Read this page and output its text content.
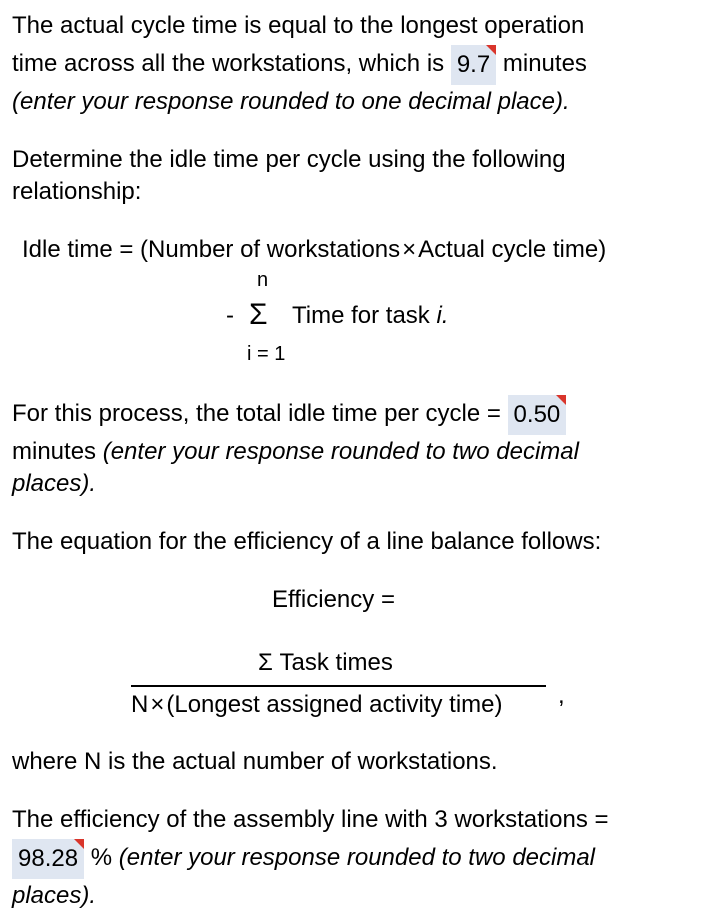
The actual cycle time is equal to the longest operation
time across all the workstations, which is 9.7 minutes
(enter your response rounded to one decimal place).
Determine the idle time per cycle using the following
relationship:
Idle time = (Number of workstations×Actual cycle time)
n
- Σ Time for task i.
i = 1
For this process, the total idle time per cycle = 0.50
minutes (enter your response rounded to two decimal
places).
The equation for the efficiency of a line balance follows:
Efficiency =
Σ Task times
N×(Longest assigned activity time) ,
where N is the actual number of workstations.
The efficiency of the assembly line with 3 workstations =
98.28 % (enter your response rounded to two decimal
places).
